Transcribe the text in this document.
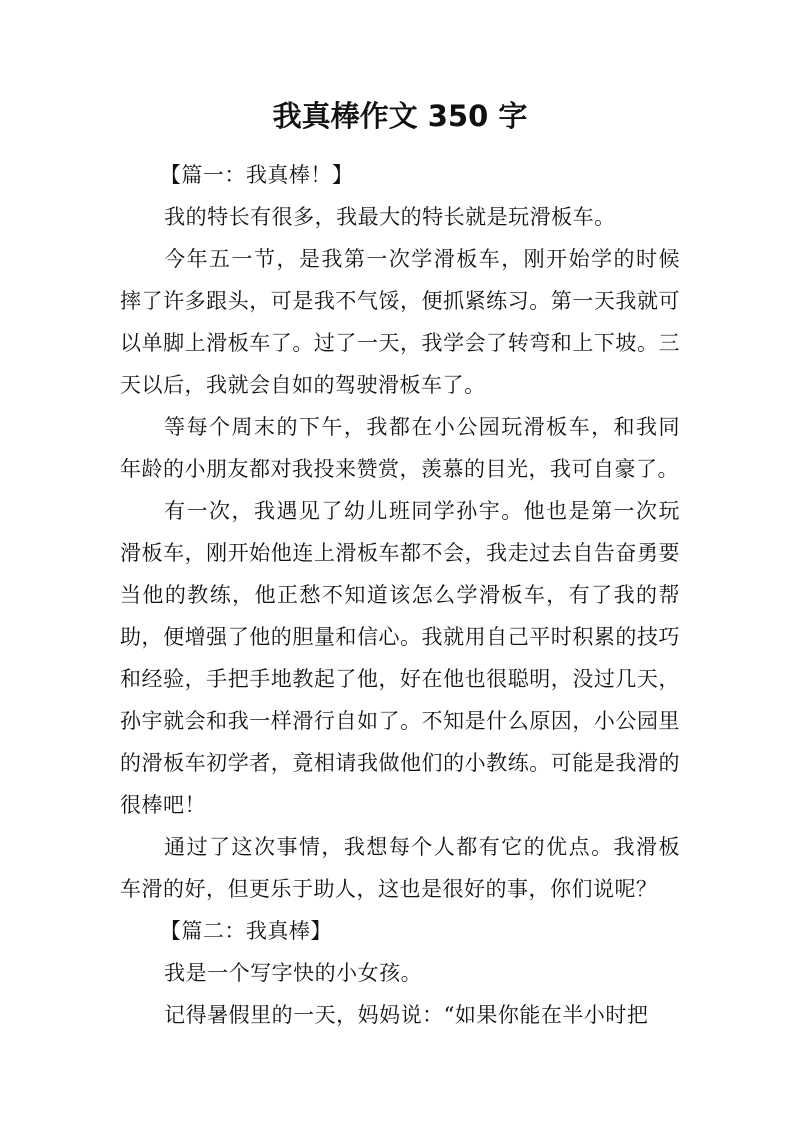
我真棒作文 350 字

【篇一：我真棒！】

我的特长有很多，我最大的特长就是玩滑板车。

今年五一节，是我第一次学滑板车，刚开始学的时候摔了许多跟头，可是我不气馁，便抓紧练习。第一天我就可以单脚上滑板车了。过了一天，我学会了转弯和上下坡。三天以后，我就会自如的驾驶滑板车了。

等每个周末的下午，我都在小公园玩滑板车，和我同年龄的小朋友都对我投来赞赏，羡慕的目光，我可自豪了。

有一次，我遇见了幼儿班同学孙宇。他也是第一次玩滑板车，刚开始他连上滑板车都不会，我走过去自告奋勇要当他的教练，他正愁不知道该怎么学滑板车，有了我的帮助，便增强了他的胆量和信心。我就用自己平时积累的技巧和经验，手把手地教起了他，好在他也很聪明，没过几天，孙宇就会和我一样滑行自如了。不知是什么原因，小公园里的滑板车初学者，竟相请我做他们的小教练。可能是我滑的很棒吧！

通过了这次事情，我想每个人都有它的优点。我滑板车滑的好，但更乐于助人，这也是很好的事，你们说呢？

【篇二：我真棒】

我是一个写字快的小女孩。

记得暑假里的一天，妈妈说：“如果你能在半小时把
